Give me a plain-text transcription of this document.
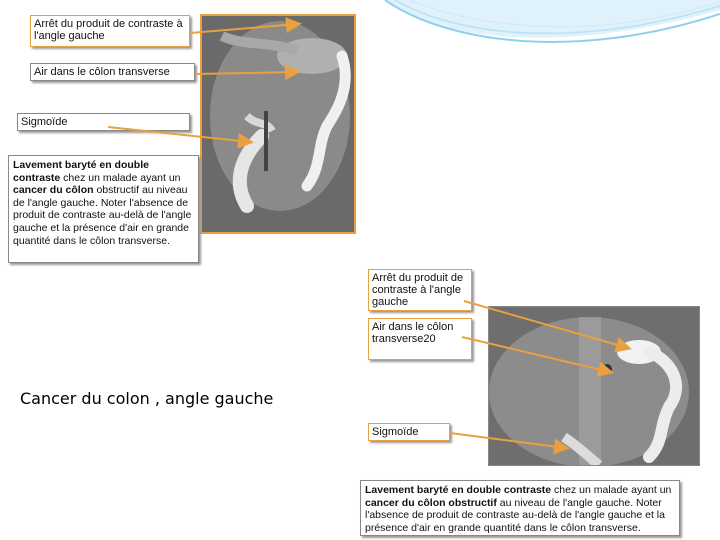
Arrêt du produit de contraste à l'angle gauche
Air dans le côlon transverse
Sigmoïde
Lavement baryté en double contraste chez un malade ayant un cancer du côlon obstructif au niveau de l'angle gauche. Noter l'absence de produit de contraste au-delà de l'angle gauche et la présence d'air en grande quantité dans le côlon transverse.
Arrêt du produit de contraste à l'angle gauche
Air dans le côlon transverse20
Sigmoïde
Lavement baryté en double contraste chez un malade ayant un cancer du côlon obstructif au niveau de l'angle gauche. Noter l'absence de produit de contraste au-delà de l'angle gauche et la présence d'air en grande quantité dans le côlon transverse.
Cancer du colon , angle gauche
